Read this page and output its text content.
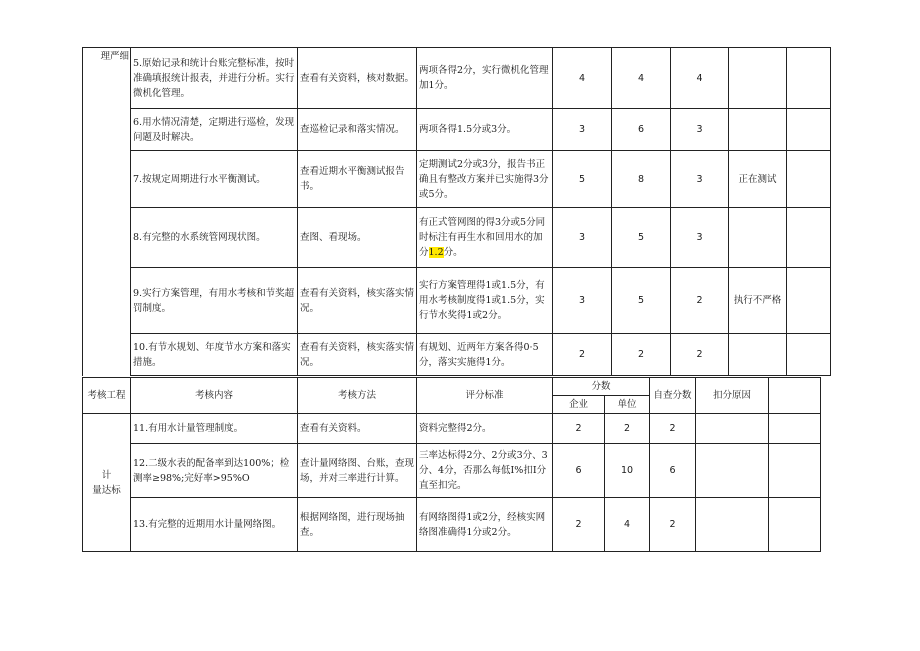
理严细	5.原始记录和统计台账完整标准，按时准确填报统计报表，并进行分析。实行微机化管理。	查看有关资料，核对数据。	两项各得2分，实行微机化管理加1分。	4	4	4		
	6.用水情况清楚，定期进行巡检，发现问题及时解决。	查巡检记录和落实情况。	两项各得1.5分或3分。	3	6	3		
	7.按规定周期进行水平衡测试。	查看近期水平衡测试报告书。	定期测试2分或3分，报告书正确且有整改方案并已实施得3分或5分。	5	8	3	正在测试	
	8.有完整的水系统管网现状图。	查图、看现场。	有正式管网图的得3分或5分同时标注有再生水和回用水的加分1.2分。	3	5	3		
	9.实行方案管理，有用水考核和节奖超罚制度。	查看有关资料，核实落实情况。	实行方案管理得1或1.5分，有用水考核制度得1或1.5分，实行节水奖得1或2分。	3	5	2	执行不严格	
	10.有节水规划、年度节水方案和落实措施。	查看有关资料，核实落实情况。	有规划、近两年方案各得0·5分，落实实施得1分。	2	2	2		
考核工程	考核内容	考核方法	评分标准	分数		自查分数	扣分原因	
				企业	单位			

计
量达标	11.有用水计量管理制度。	查看有关资料。	资料完整得2分。	2	2	2		
	12.二级水表的配备率到达100%；检测率≥98%;完好率>95%O	查计量网络图、台账，查现场，并对三率进行计算。	三率达标得2分、2分或3分、3分、4分，否那么每低I%扣I分直至扣完。	6	10	6		
	13.有完整的近期用水计量网络图。	根据网络图，进行现场抽查。	有网络图得1或2分，经核实网络图准确得1分或2分。	2	4	2		
